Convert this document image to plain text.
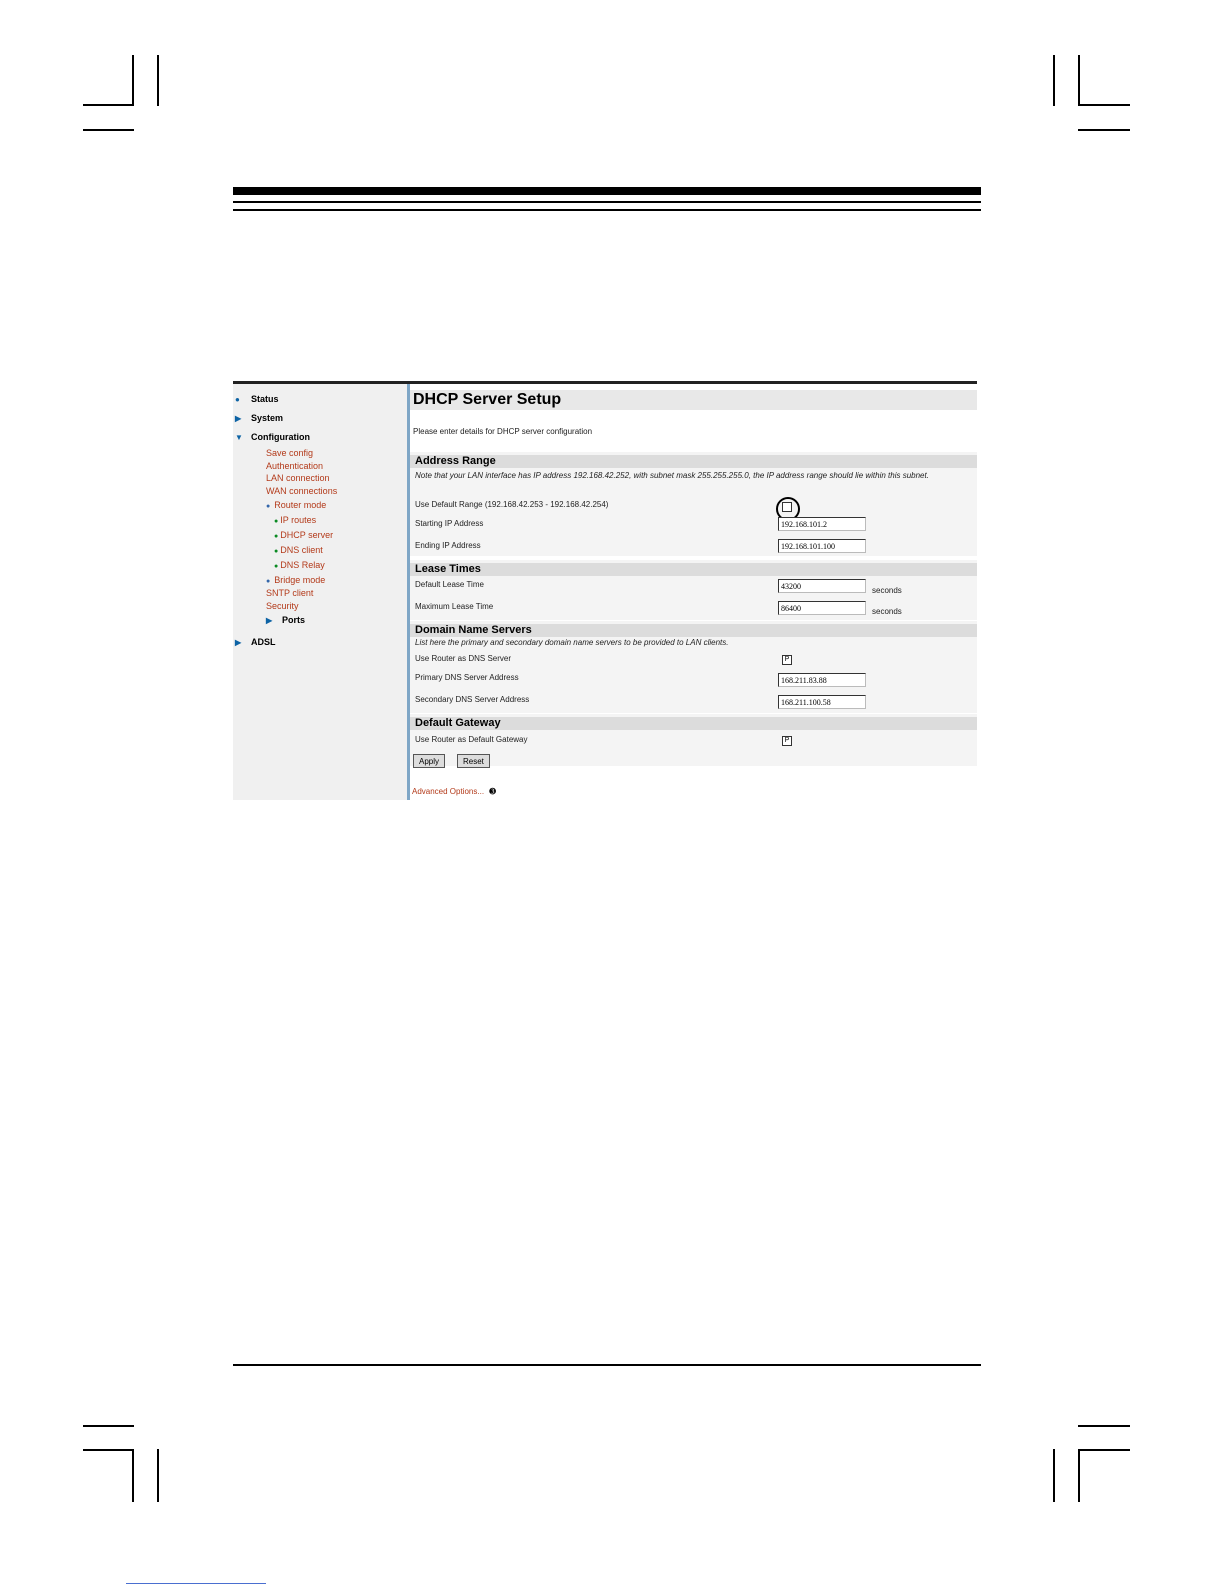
● Status
▶ System
▼ Configuration
Save config
Authentication
LAN connection
WAN connections
● Router mode
● IP routes
● DHCP server
● DNS client
● DNS Relay
● Bridge mode
SNTP client
Security
▶ Ports
▶ ADSL
DHCP Server Setup
Please enter details for DHCP server configuration
Address Range
Note that your LAN interface has IP address 192.168.42.252, with subnet mask 255.255.255.0, the IP address range should lie within this subnet.
Use Default Range (192.168.42.253 - 192.168.42.254)
Starting IP Address	192.168.101.2
Ending IP Address	192.168.101.100
Lease Times
Default Lease Time	43200	seconds
Maximum Lease Time	86400	seconds
Domain Name Servers
List here the primary and secondary domain name servers to be provided to LAN clients.
Use Router as DNS Server	P
Primary DNS Server Address	168.211.83.88
Secondary DNS Server Address	168.211.100.58
Default Gateway
Use Router as Default Gateway	P
Apply	Reset
Advanced Options... ➌
